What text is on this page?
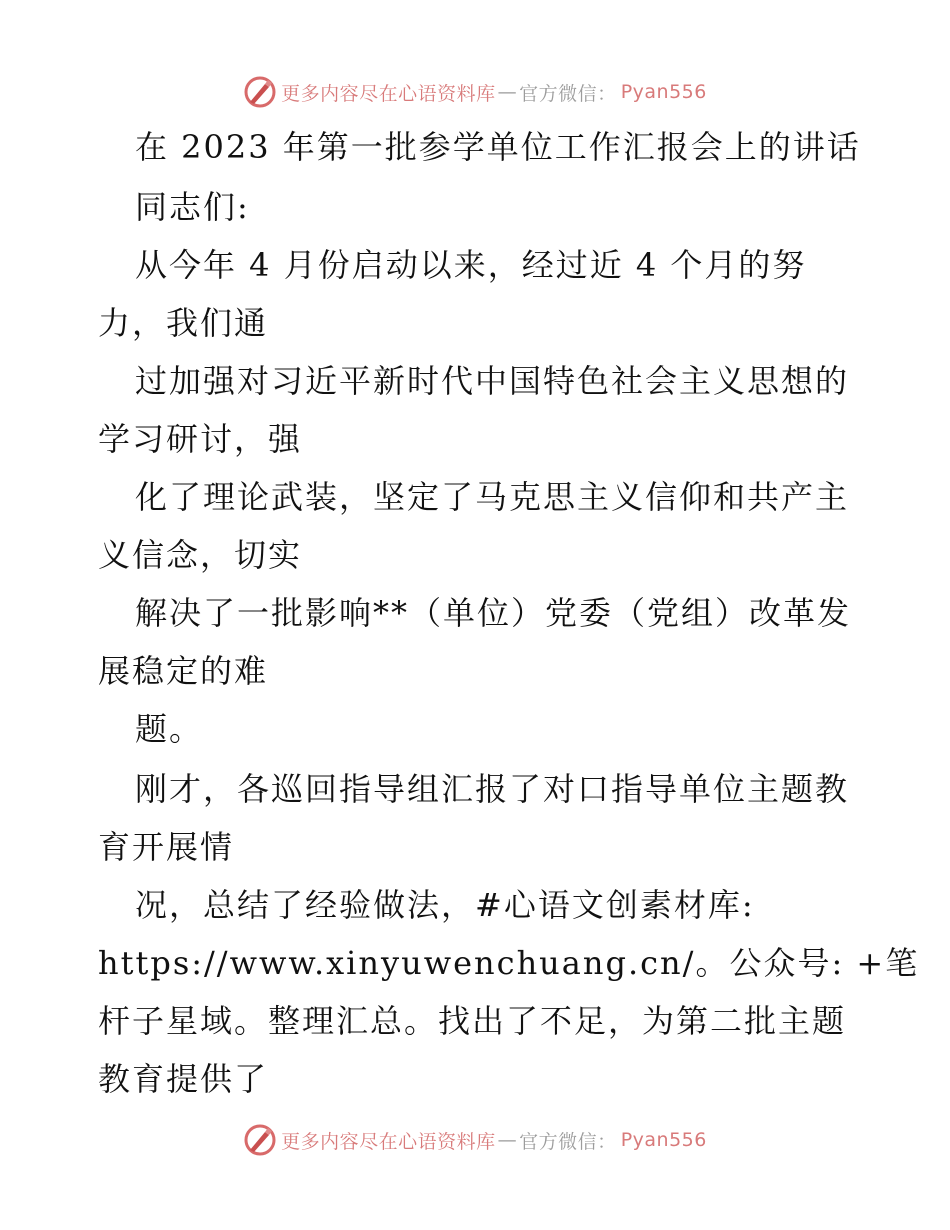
更多内容尽在心语资料库 — 官方微信 ： Pyan556
在 2023 年第一批参学单位工作汇报会上的讲话
同志们:
从今年 4 月份启动以来，经过近 4 个月的努
力，我们通
过加强对习近平新时代中国特色社会主义思想的
学习研讨，强
化了理论武装，坚定了马克思主义信仰和共产主
义信念，切实
解决了一批影响**（单位）党委（党组）改革发
展稳定的难
题。
刚才，各巡回指导组汇报了对口指导单位主题教
育开展情
况，总结了经验做法，#心语文创素材库:
https://www.xinyuwenchuang.cn/。公众号: +笔
杆子星域。整理汇总。找出了不足，为第二批主题
教育提供了
更多内容尽在心语资料库 — 官方微信 ： Pyan556
